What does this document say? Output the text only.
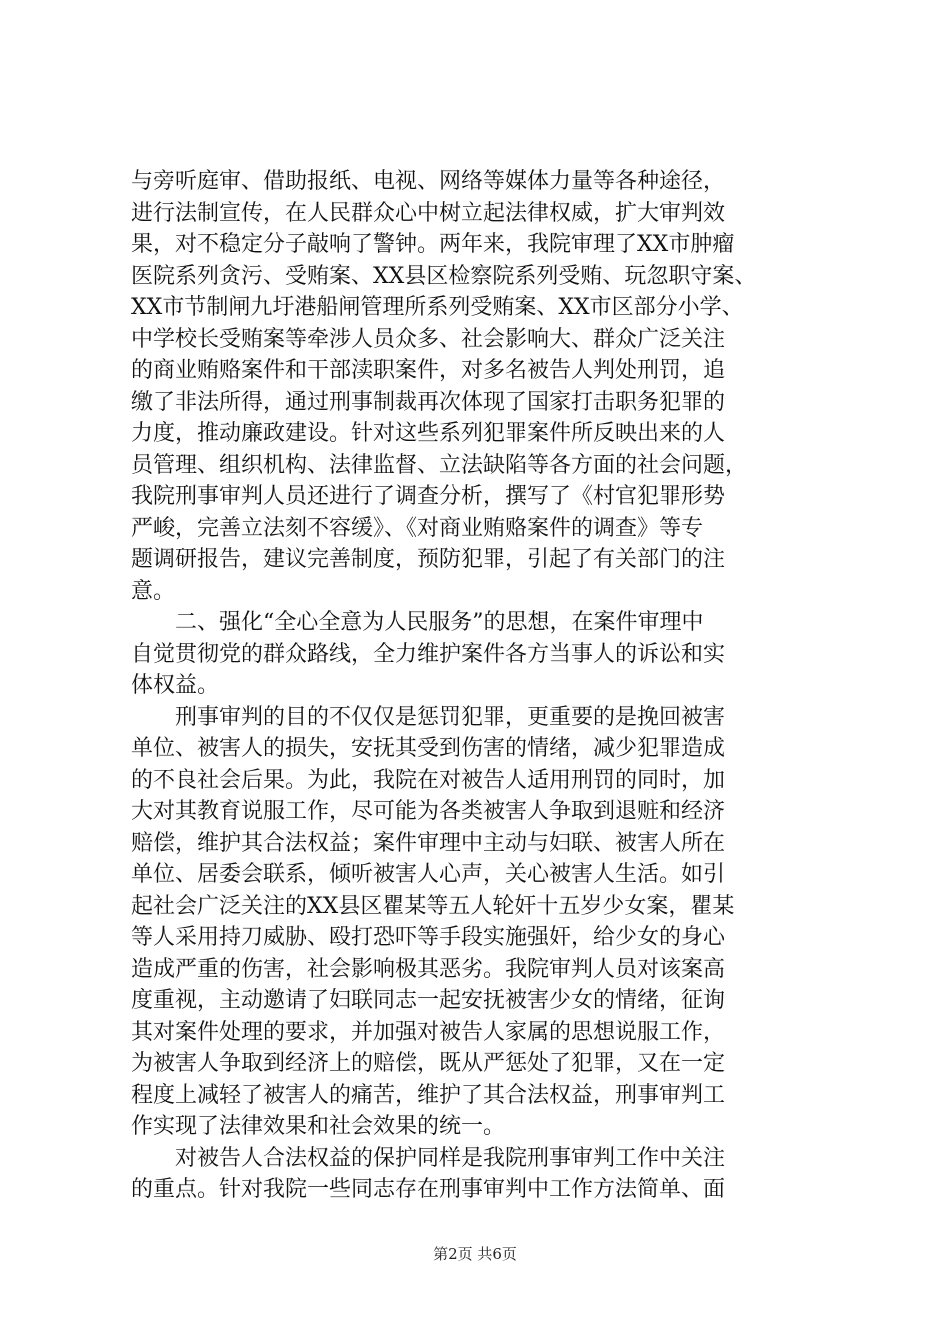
与旁听庭审、借助报纸、电视、网络等媒体力量等各种途径，
进行法制宣传，在人民群众心中树立起法律权威，扩大审判效
果，对不稳定分子敲响了警钟。两年来，我院审理了XX市肿瘤
医院系列贪污、受贿案、XX县区检察院系列受贿、玩忽职守案、
XX市节制闸九圩港船闸管理所系列受贿案、XX市区部分小学、
中学校长受贿案等牵涉人员众多、社会影响大、群众广泛关注
的商业贿赂案件和干部渎职案件，对多名被告人判处刑罚，追
缴了非法所得，通过刑事制裁再次体现了国家打击职务犯罪的
力度，推动廉政建设。针对这些系列犯罪案件所反映出来的人
员管理、组织机构、法律监督、立法缺陷等各方面的社会问题，
我院刑事审判人员还进行了调查分析，撰写了《村官犯罪形势
严峻，完善立法刻不容缓》、《对商业贿赂案件的调查》等专
题调研报告，建议完善制度，预防犯罪，引起了有关部门的注
意。
　　二、强化“全心全意为人民服务”的思想，在案件审理中
自觉贯彻党的群众路线，全力维护案件各方当事人的诉讼和实
体权益。
　　刑事审判的目的不仅仅是惩罚犯罪，更重要的是挽回被害
单位、被害人的损失，安抚其受到伤害的情绪，减少犯罪造成
的不良社会后果。为此，我院在对被告人适用刑罚的同时，加
大对其教育说服工作，尽可能为各类被害人争取到退赃和经济
赔偿，维护其合法权益；案件审理中主动与妇联、被害人所在
单位、居委会联系，倾听被害人心声，关心被害人生活。如引
起社会广泛关注的XX县区瞿某等五人轮奸十五岁少女案，瞿某
等人采用持刀威胁、殴打恐吓等手段实施强奸，给少女的身心
造成严重的伤害，社会影响极其恶劣。我院审判人员对该案高
度重视，主动邀请了妇联同志一起安抚被害少女的情绪，征询
其对案件处理的要求，并加强对被告人家属的思想说服工作，
为被害人争取到经济上的赔偿，既从严惩处了犯罪，又在一定
程度上减轻了被害人的痛苦，维护了其合法权益，刑事审判工
作实现了法律效果和社会效果的统一。
　　对被告人合法权益的保护同样是我院刑事审判工作中关注
的重点。针对我院一些同志存在刑事审判中工作方法简单、面
第2页 共6页
